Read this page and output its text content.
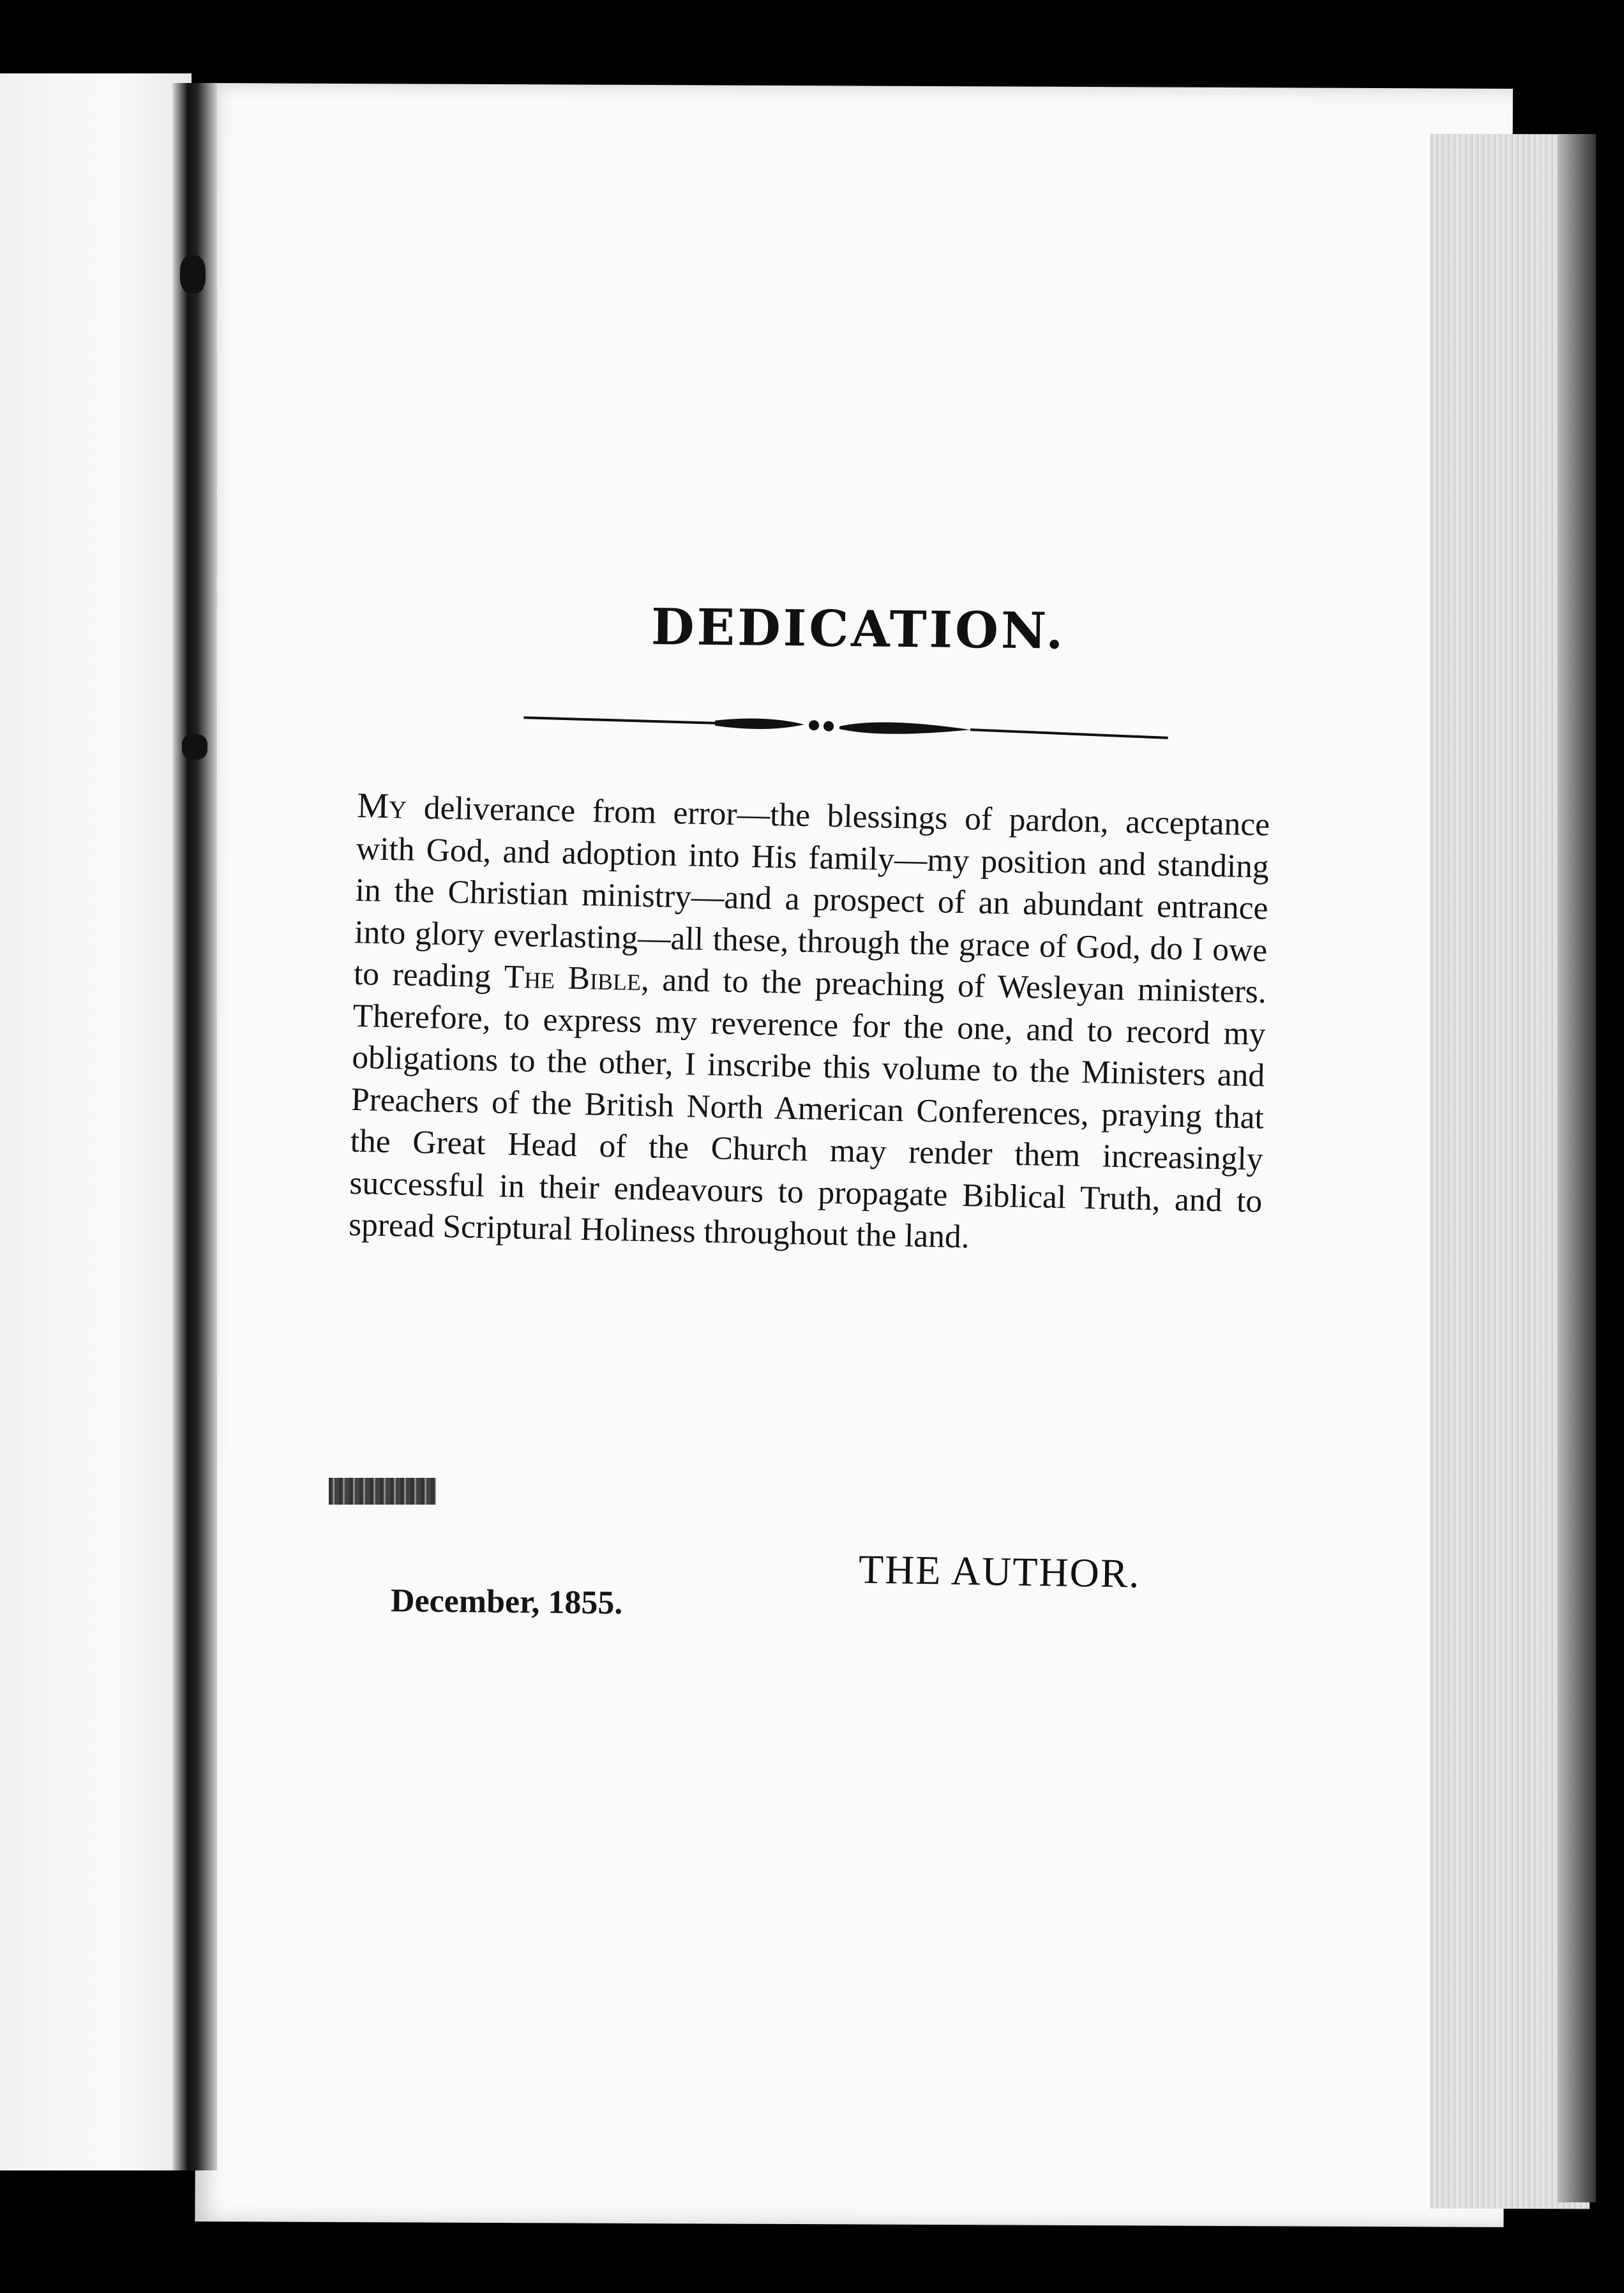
DEDICATION.

My deliverance from error—the blessings of pardon, acceptance with God, and adoption into His family—my position and standing in the Christian ministry—and a prospect of an abundant entrance into glory everlasting—all these, through the grace of God, do I owe to reading The Bible, and to the preaching of Wesleyan ministers. Therefore, to express my reverence for the one, and to record my obligations to the other, I inscribe this volume to the Ministers and Preachers of the British North American Conferences, praying that the Great Head of the Church may render them increasingly successful in their endeavours to propagate Biblical Truth, and to spread Scriptural Holiness throughout the land.

THE AUTHOR.

December, 1855.
